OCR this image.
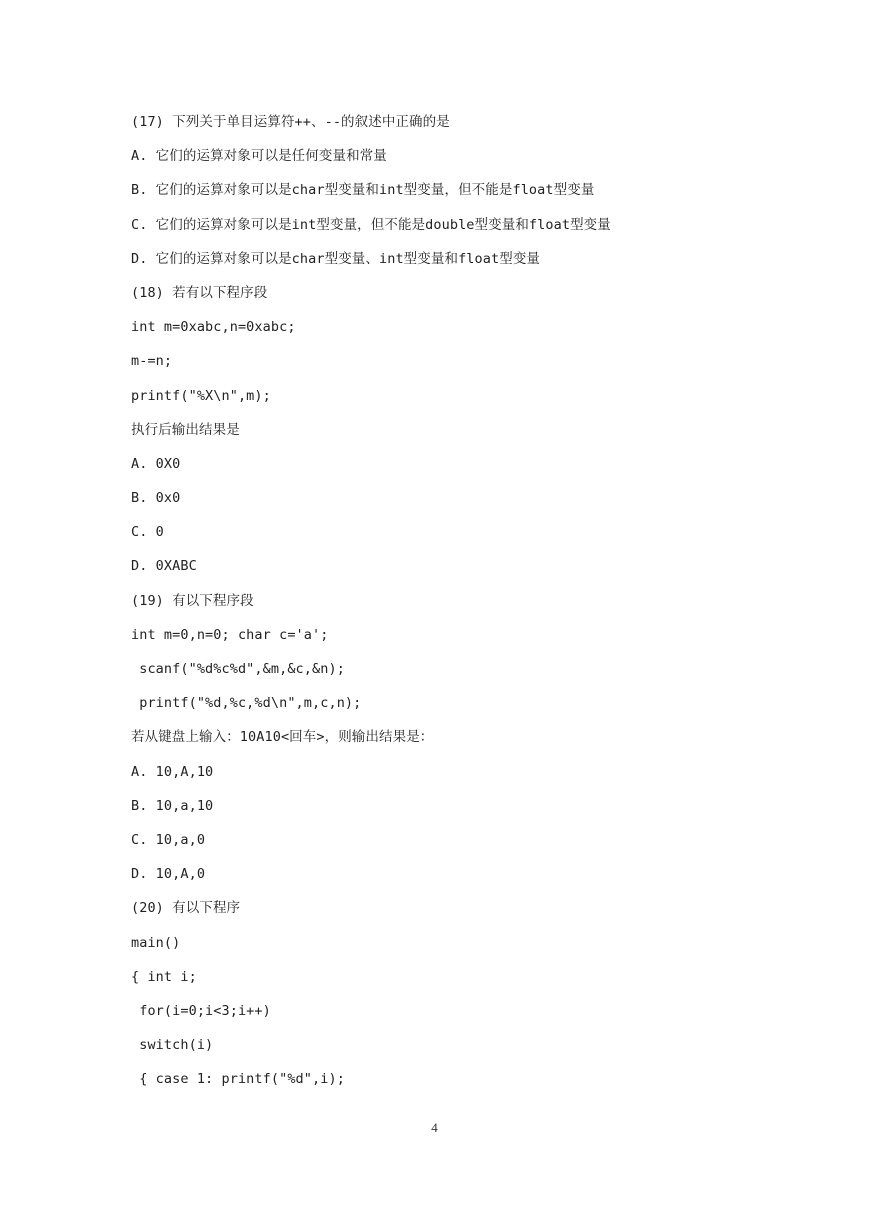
(17) 下列关于单目运算符++、--的叙述中正确的是
A. 它们的运算对象可以是任何变量和常量
B. 它们的运算对象可以是char型变量和int型变量，但不能是float型变量
C. 它们的运算对象可以是int型变量，但不能是double型变量和float型变量
D. 它们的运算对象可以是char型变量、int型变量和float型变量
(18) 若有以下程序段
int m=0xabc,n=0xabc;
m-=n;
printf("%X\n",m);
执行后输出结果是
A. 0X0
B. 0x0
C. 0
D. 0XABC
(19) 有以下程序段
int m=0,n=0; char c='a';
scanf("%d%c%d",&m,&c,&n);
printf("%d,%c,%d\n",m,c,n);
若从键盘上输入：10A10<回车>，则输出结果是：
A. 10,A,10
B. 10,a,10
C. 10,a,0
D. 10,A,0
(20) 有以下程序
main()
{ int i;
for(i=0;i<3;i++)
switch(i)
{ case 1: printf("%d",i);
4
